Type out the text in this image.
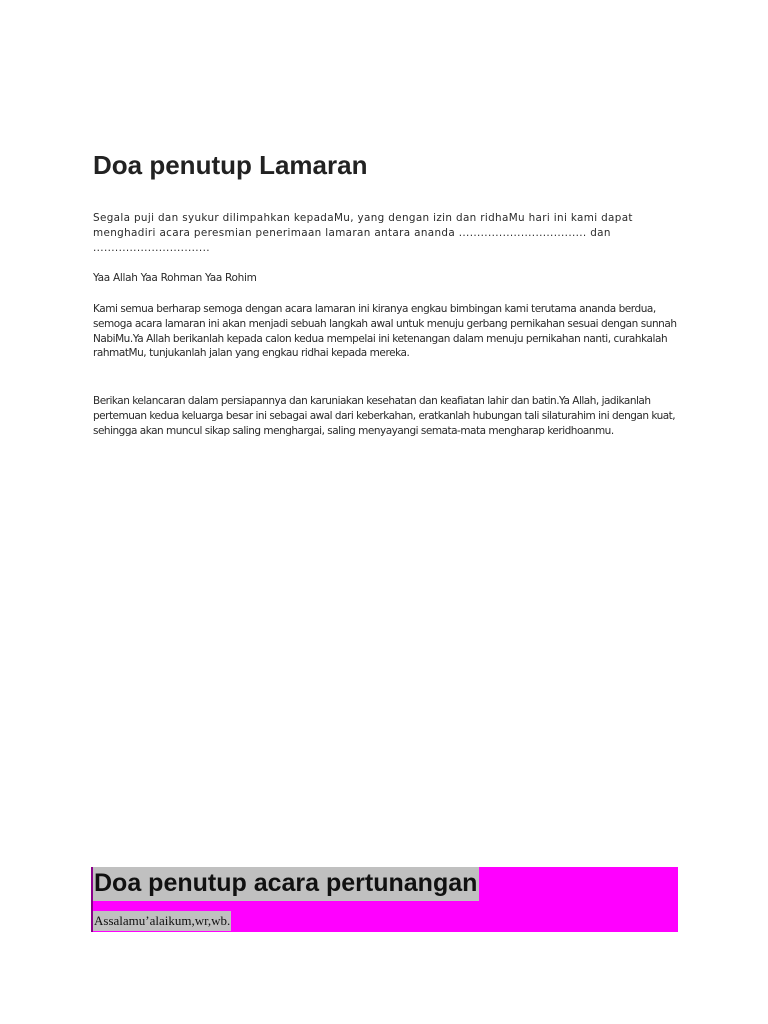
Doa penutup Lamaran

Segala puji dan syukur dilimpahkan kepadaMu, yang dengan izin dan ridhaMu hari ini kami dapat menghadiri acara peresmian penerimaan lamaran antara ananda ................................... dan ................................

Yaa Allah Yaa Rohman Yaa Rohim

Kami semua berharap semoga dengan acara lamaran ini kiranya engkau bimbingan kami terutama ananda berdua, semoga acara lamaran ini akan menjadi sebuah langkah awal untuk menuju gerbang pernikahan sesuai dengan sunnah NabiMu.Ya Allah berikanlah kepada calon kedua mempelai ini ketenangan dalam menuju pernikahan nanti, curahkalah rahmatMu, tunjukanlah jalan yang engkau ridhai kepada mereka.

Berikan kelancaran dalam persiapannya dan karuniakan kesehatan dan keafiatan lahir dan batin.Ya Allah, jadikanlah pertemuan kedua keluarga besar ini sebagai awal dari keberkahan, eratkanlah hubungan tali silaturahim ini dengan kuat, sehingga akan muncul sikap saling menghargai, saling menyayangi semata-mata mengharap keridhoanmu.

Doa penutup acara pertunangan

Assalamu’alaikum,wr,wb.
